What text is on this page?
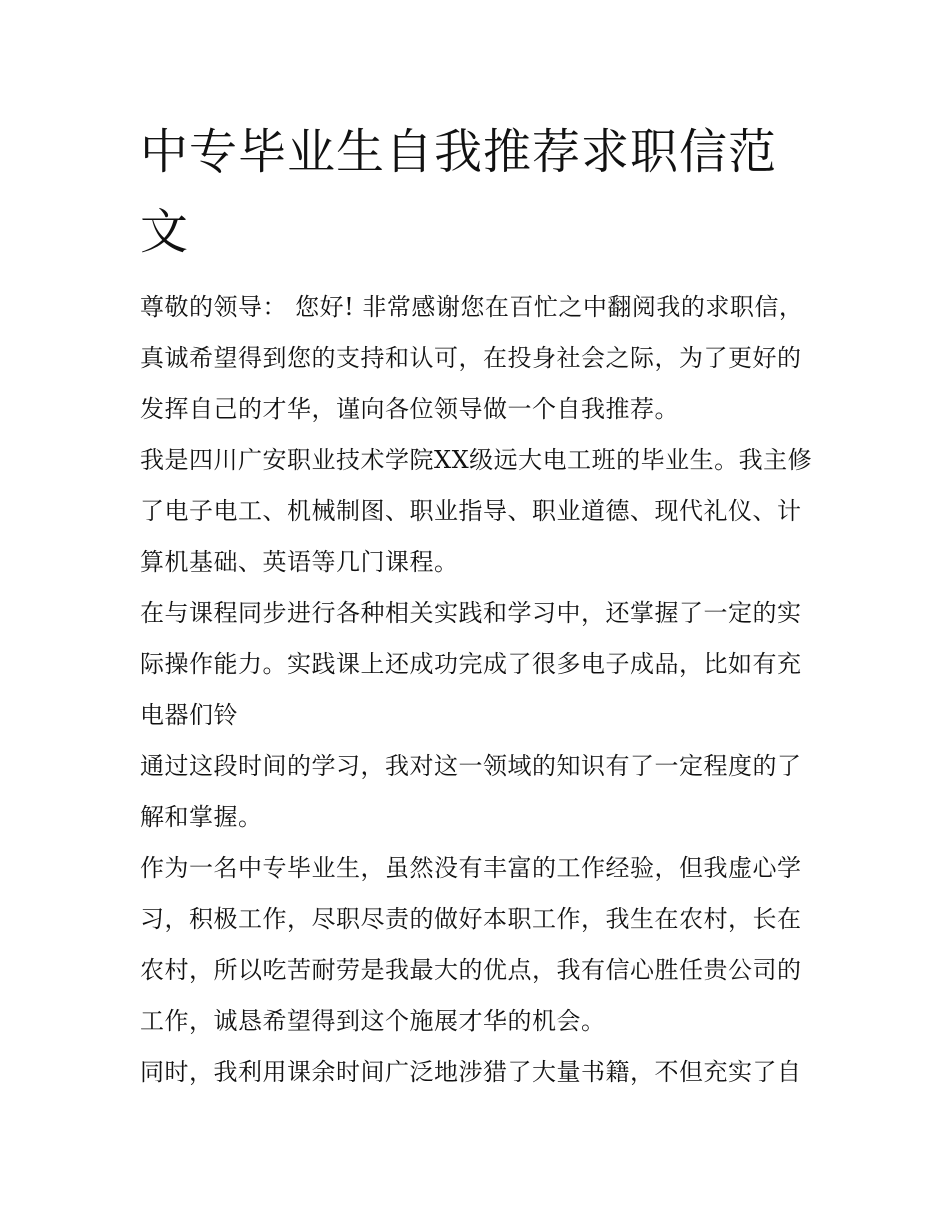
中专毕业生自我推荐求职信范文

尊敬的领导： 您好! 非常感谢您在百忙之中翻阅我的求职信，真诚希望得到您的支持和认可，在投身社会之际，为了更好的发挥自己的才华，谨向各位领导做一个自我推荐。

我是四川广安职业技术学院XX级远大电工班的毕业生。我主修了电子电工、机械制图、职业指导、职业道德、现代礼仪、计算机基础、英语等几门课程。

在与课程同步进行各种相关实践和学习中，还掌握了一定的实际操作能力。实践课上还成功完成了很多电子成品，比如有充电器们铃

通过这段时间的学习，我对这一领域的知识有了一定程度的了解和掌握。

作为一名中专毕业生，虽然没有丰富的工作经验，但我虚心学习，积极工作，尽职尽责的做好本职工作，我生在农村，长在农村，所以吃苦耐劳是我最大的优点，我有信心胜任贵公司的工作，诚恳希望得到这个施展才华的机会。

同时，我利用课余时间广泛地涉猎了大量书籍，不但充实了自
